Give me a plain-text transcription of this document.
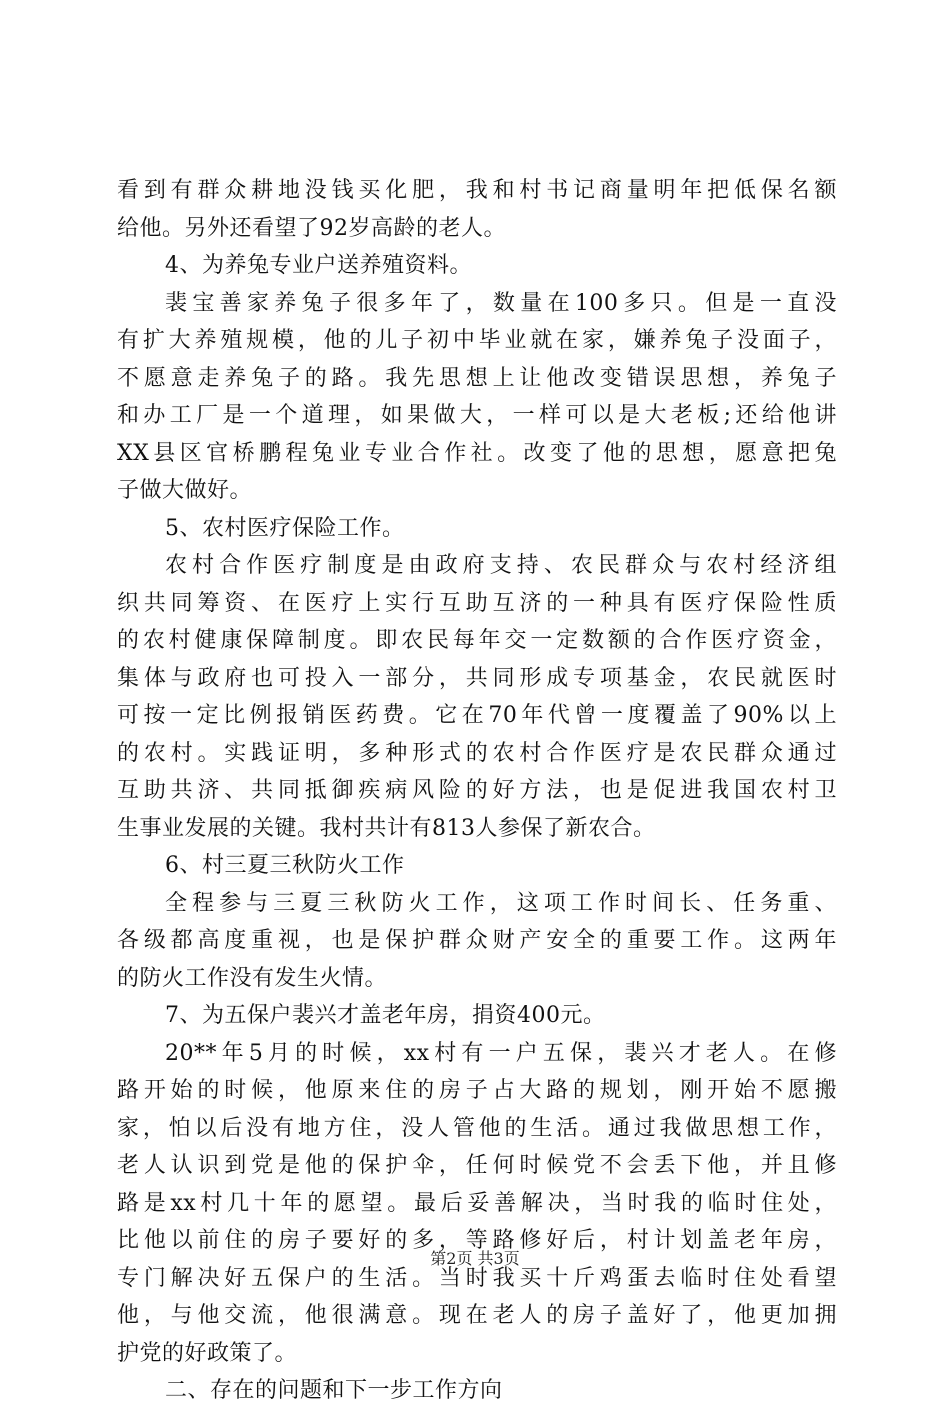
看到有群众耕地没钱买化肥，我和村书记商量明年把低保名额
给他。另外还看望了92岁高龄的老人。
4、为养兔专业户送养殖资料。
裴宝善家养兔子很多年了，数量在100多只。但是一直没
有扩大养殖规模，他的儿子初中毕业就在家，嫌养兔子没面子，
不愿意走养兔子的路。我先思想上让他改变错误思想，养兔子
和办工厂是一个道理，如果做大，一样可以是大老板;还给他讲
XX县区官桥鹏程兔业专业合作社。改变了他的思想，愿意把兔
子做大做好。
5、农村医疗保险工作。
农村合作医疗制度是由政府支持、农民群众与农村经济组
织共同筹资、在医疗上实行互助互济的一种具有医疗保险性质
的农村健康保障制度。即农民每年交一定数额的合作医疗资金，
集体与政府也可投入一部分，共同形成专项基金，农民就医时
可按一定比例报销医药费。它在70年代曾一度覆盖了90%以上
的农村。实践证明，多种形式的农村合作医疗是农民群众通过
互助共济、共同抵御疾病风险的好方法，也是促进我国农村卫
生事业发展的关键。我村共计有813人参保了新农合。
6、村三夏三秋防火工作
全程参与三夏三秋防火工作，这项工作时间长、任务重、
各级都高度重视，也是保护群众财产安全的重要工作。这两年
的防火工作没有发生火情。
7、为五保户裴兴才盖老年房，捐资400元。
20**年5月的时候，xx村有一户五保，裴兴才老人。在修
路开始的时候，他原来住的房子占大路的规划，刚开始不愿搬
家，怕以后没有地方住，没人管他的生活。通过我做思想工作，
老人认识到党是他的保护伞，任何时候党不会丢下他，并且修
路是xx村几十年的愿望。最后妥善解决，当时我的临时住处，
比他以前住的房子要好的多，等路修好后，村计划盖老年房，
专门解决好五保户的生活。当时我买十斤鸡蛋去临时住处看望
他，与他交流，他很满意。现在老人的房子盖好了，他更加拥
护党的好政策了。
二、存在的问题和下一步工作方向
第2页 共3页
